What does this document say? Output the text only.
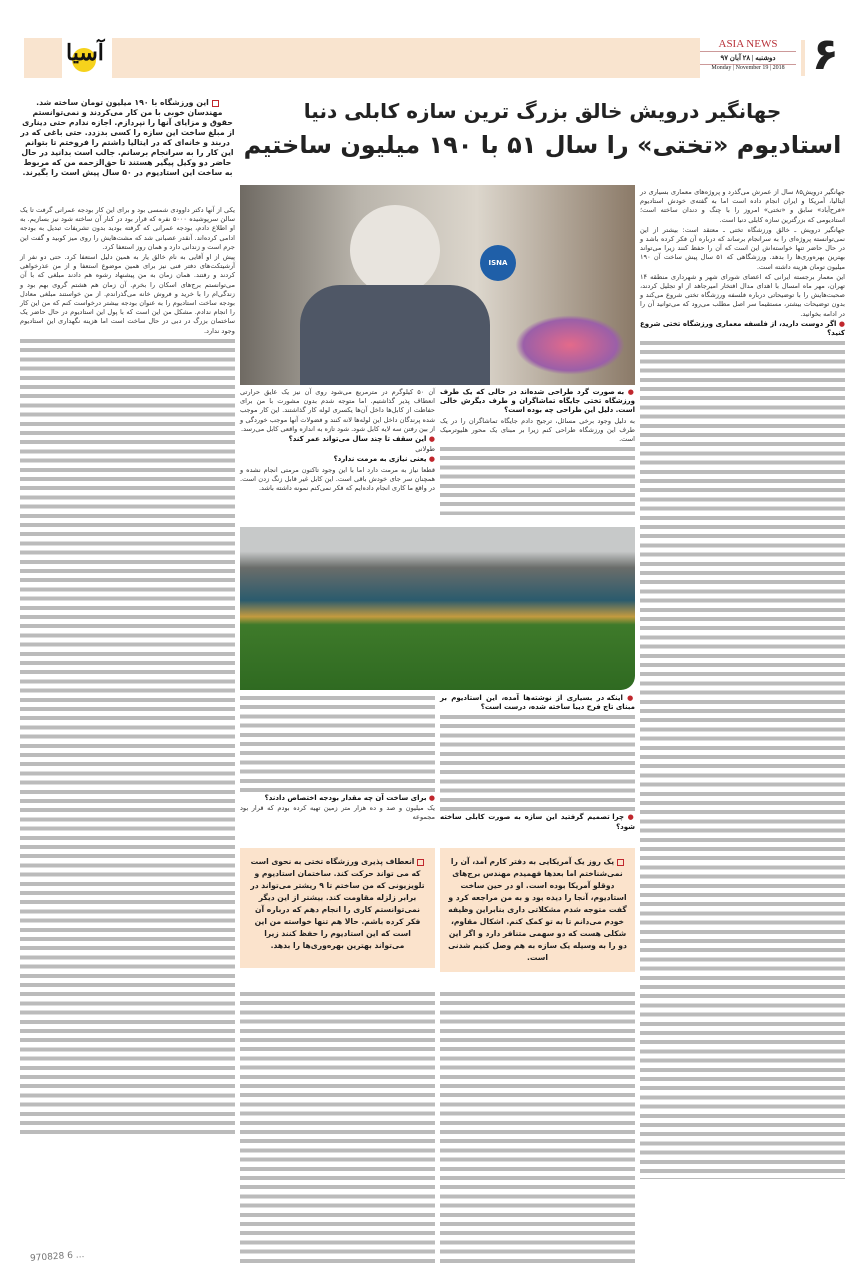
آسیا	ASIA NEWS
دوشنبه | ۲۸ آبان ۹۷
Monday | November 19 | 2018 ۶
این ورزشگاه با ۱۹۰ میلیون تومان ساخته شد. مهندسان خوبی با من کار می‌کردند و نمی‌توانستم حقوق و مزایای آنها را نپردازم. اجازه ندادم حتی دیناری از مبلغ ساخت این سازه را کسی بدزدد. حتی باغی که در دربند و خانه‌ای که در ایتالیا داشتم را فروختم تا بتوانم این کار را به سرانجام برسانم. جالب است بدانید در حال حاضر دو وکیل پیگیر هستند تا حق‌الزحمه من که مربوط به ساخت این استادیوم در ۵۰ سال پیش است را بگیرند.
جهانگیر درویش خالق بزرگ ترین سازه کابلی دنیا
استادیوم «تختی» را سال ۵۱ با ۱۹۰ میلیون ساختیم

جهانگیر درویش۸۵ سال از عمرش می‌گذرد و پروژه‌های معماری بسیاری در ایتالیا، آمریکا و ایران انجام داده است اما به گفته‌ی خودش استادیوم «فرح‌آباد» سابق و «تختی» امروز را با چنگ و دندان ساخته است؛ استادیومی که بزرگترین سازه کابلی دنیا است.

جهانگیر درویش ـ خالق ورزشگاه تختی ـ معتقد است: بیشتر از این نمی‌توانسته پروژه‌ای را به سرانجام برساند که درباره آن فکر کرده باشد و در حال حاضر تنها خواسته‌اش این است که آن را حفظ کنند زیرا می‌تواند بهترین بهره‌وری‌ها را بدهد. ورزشگاهی که ۵۱ سال پیش ساخت آن ۱۹۰ میلیون تومان هزینه داشته است.

این معمار برجسته ایرانی که اعضای شورای شهر و شهرداری منطقه ۱۴ تهران، مهر ماه امسال با اهدای مدال افتخار امیرجاهد از او تجلیل کردند، صحبت‌هایش را با توضیحاتی درباره فلسفه ورزشگاه تختی شروع می‌کند و بدون توضیحات بیشتر، مستقیما سر اصل مطلب می‌رود که می‌توانید آن را در ادامه بخوانید.

● اگر دوست دارید، از فلسفه معماری ورزشگاه تختی شروع کنید؟

یکی از آنها دکتر داوودی شمسی بود و برای این کار بودجه عمرانی گرفت تا یک سالن سرپوشیده ۵۰۰۰ نفره که قرار بود در کنار آن ساخته شود نیز بسازیم. به او اطلاع دادم، بودجه عمرانی که گرفته بودید بدون تشریفات تبدیل به بودجه ادامی کرده‌اند. آنقدر عصبانی شد که مشت‌هایش را روی میز کوبید و گفت این جرم است و زندانی دارد و همان روز استعفا کرد.

پیش از او آقایی به نام خالق یار به همین دلیل استعفا کرد. حتی دو نفر از آرشیتکت‌های دفتر فنی نیز برای همین موضوع استعفا و از من عذرخواهی کردند و رفتند. همان زمان به من پیشنهاد رشوه هم دادند مبلغی که با آن می‌توانستم برج‌های اسکان را بخرم. آن زمان هم هشتم گروی بهم بود و زندگی‌ام را با خرید و فروش خانه می‌گذراندم. از من خواستند مبلغی معادل بودجه ساخت استادیوم را به عنوان بودجه بیشتر درخواست کنم که من این کار را انجام ندادم. مشکل من این است که با پول این استادیوم در حال حاضر یک ساختمان بزرگ در دبی در حال ساخت است اما هزینه نگهداری این استادیوم وجود ندارد.

ISNA

● به صورت گرد طراحی شده‌اند در حالی که یک طرف ورزشگاه تختی جایگاه تماشاگران و طرف دیگرش خالی است. دلیل این طراحی چه بوده است؟

به دلیل وجود برخی مسائل، ترجیح دادم جایگاه تماشاگران را در یک طرف این ورزشگاه طراحی کنم زیرا بر مبنای یک محور هلیوترمیک است.

آن ۵۰ کیلوگرم در مترمربع می‌شود روی آن نیز یک عایق حرارتی انعطاف پذیر گذاشتیم. اما متوجه شدم بدون مشورت با من برای حفاظت از کابل‌ها داخل آن‌ها یکسری لوله کار گذاشتند. این کار موجب شده پرندگان داخل این لوله‌ها لانه کنند و فضولات آنها موجب خوردگی و از بین رفتن سه لایه کابل شود. شود تازه به اندازه واقعی کابل می‌رسد.

● این سقف تا چند سال می‌تواند عمر کند؟

طولانی

● یعنی نیازی به مرمت ندارد؟

قطعا نیاز به مرمت دارد اما با این وجود تاکنون مرمتی انجام نشده و همچنان سر جای خودش باقی است. این کابل غیر قابل زنگ زدن است. در واقع ما کاری انجام داده‌ایم که فکر نمی‌کنم نمونه داشته باشد.

● اینکه در بسیاری از نوشته‌ها آمده، این استادیوم بر مبنای تاج فرح دیبا ساخته شده، درست است؟

● چرا تصمیم گرفتید این سازه به صورت کابلی ساخته شود؟

● برای ساخت آن چه مقدار بودجه اختصاص دادند؟

یک میلیون و صد و ده هزار متر زمین تهیه کرده بودم که قرار بود مجموعه

یک روز یک آمریکایی به دفتر کارم آمد، آن را نمی‌شناختم اما بعدها فهمیدم مهندس برج‌های دوقلو آمریکا بوده است. او در حین ساخت استادیوم، آنجا را دیده بود و به من مراجعه کرد و گفت متوجه شدم مشکلاتی داری بنابراین وظیفه خودم می‌دانم تا به تو کمک کنم. اشکال مقاوم، شکلی هست که دو سهمی متنافر دارد و اگر این دو را به وسیله یک سازه به هم وصل کنیم شدنی است.
انعطاف پذیری ورزشگاه تختی به نحوی است که می تواند حرکت کند. ساختمان استادیوم و تلویزیونی که من ساختم تا ۹ ریشتر می‌تواند در برابر زلزله مقاومت کند. بیشتر از این دیگر نمی‌توانستم کاری را انجام دهم که درباره آن فکر کرده باشم. حالا هم تنها خواسته من این است که این استادیوم را حفظ کنند زیرا می‌تواند بهترین بهره‌وری‌ها را بدهد.
970828 6 ...
